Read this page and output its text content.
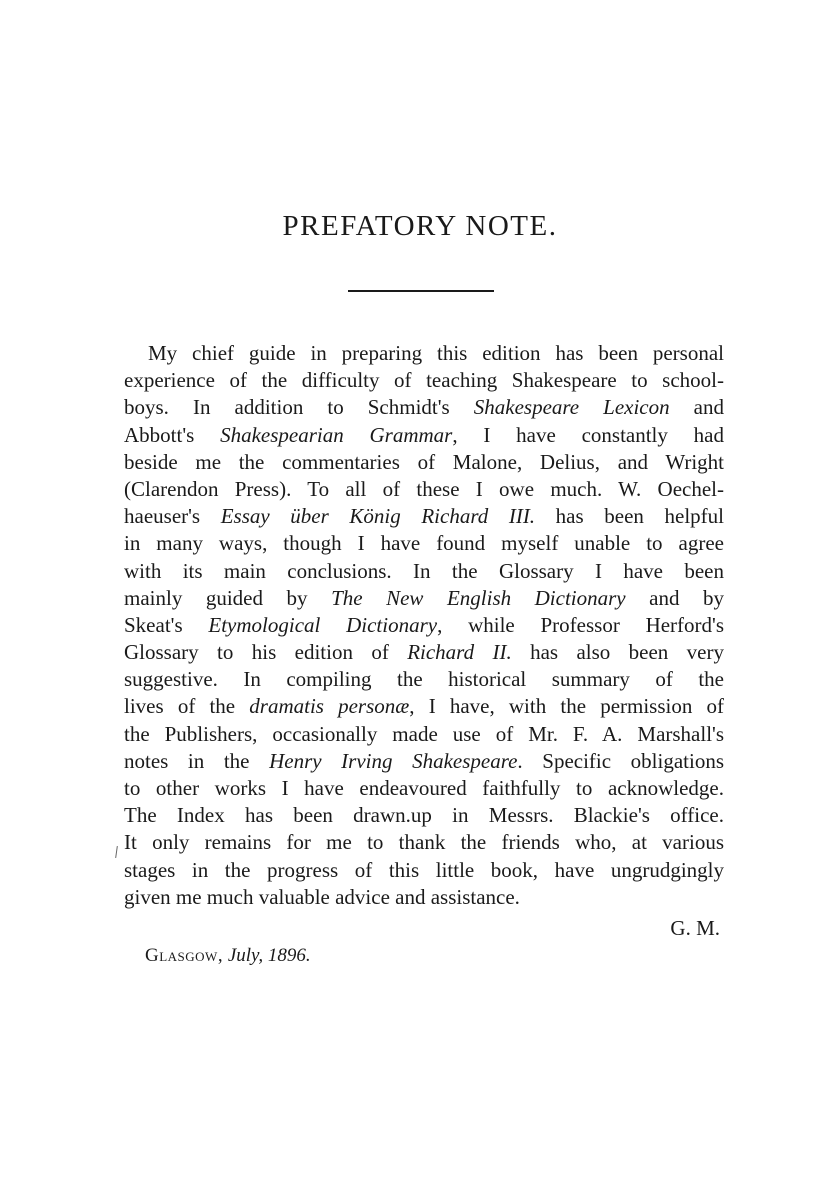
PREFATORY NOTE.
My chief guide in preparing this edition has been personal
experience of the difficulty of teaching Shakespeare to school-
boys. In addition to Schmidt's Shakespeare Lexicon and
Abbott's Shakespearian Grammar, I have constantly had
beside me the commentaries of Malone, Delius, and Wright
(Clarendon Press). To all of these I owe much. W. Oechel-
haeuser's Essay über König Richard III. has been helpful
in many ways, though I have found myself unable to agree
with its main conclusions. In the Glossary I have been
mainly guided by The New English Dictionary and by
Skeat's Etymological Dictionary, while Professor Herford's
Glossary to his edition of Richard II. has also been very
suggestive. In compiling the historical summary of the
lives of the dramatis personæ, I have, with the permission of
the Publishers, occasionally made use of Mr. F. A. Marshall's
notes in the Henry Irving Shakespeare. Specific obligations
to other works I have endeavoured faithfully to acknowledge.
The Index has been drawn.up in Messrs. Blackie's office.
It only remains for me to thank the friends who, at various
stages in the progress of this little book, have ungrudgingly
given me much valuable advice and assistance.

G. M.

Glasgow, July, 1896.
